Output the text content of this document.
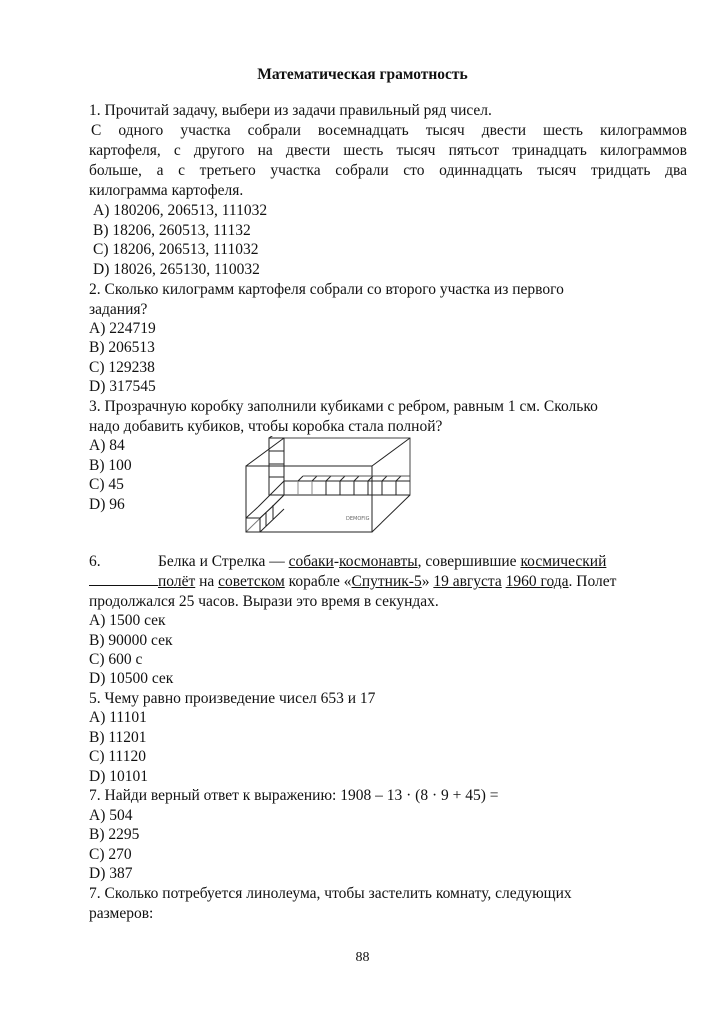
Математическая грамотность
1. Прочитай задачу, выбери из задачи правильный ряд чисел.
С одного участка собрали восемнадцать тысяч двести шесть килограммов
картофеля, с другого на двести шесть тысяч пятьсот тринадцать килограммов
больше, а с третьего участка собрали сто одиннадцать тысяч тридцать два
килограмма картофеля.
A) 180206, 206513, 111032
B) 18206, 260513, 11132
C) 18206, 206513, 111032
D) 18026, 265130, 110032
2. Сколько килограмм картофеля собрали со второго участка из первого
задания?
A) 224719
B) 206513
C) 129238
D) 317545
3. Прозрачную коробку заполнили кубиками с ребром, равным 1 см. Сколько
надо добавить кубиков, чтобы коробка стала полной?
A) 84
B) 100
C) 45
D) 96
DEMOFIG
6.	Белка и Стрелка — собаки-космонавты, совершившие космический
полёт на советском корабле «Спутник-5» 19 августа 1960 года. Полет
продолжался 25 часов. Вырази это время в секундах.
A) 1500 сек
B) 90000 сек
C) 600 с
D) 10500 сек
5. Чему равно произведение чисел 653 и 17
A) 11101
B) 11201
C) 11120
D) 10101
7. Найди верный ответ к выражению: 1908 – 13 · (8 · 9 + 45) =
A) 504
B) 2295
C) 270
D) 387
7. Сколько потребуется линолеума, чтобы застелить комнату, следующих
размеров:
88
